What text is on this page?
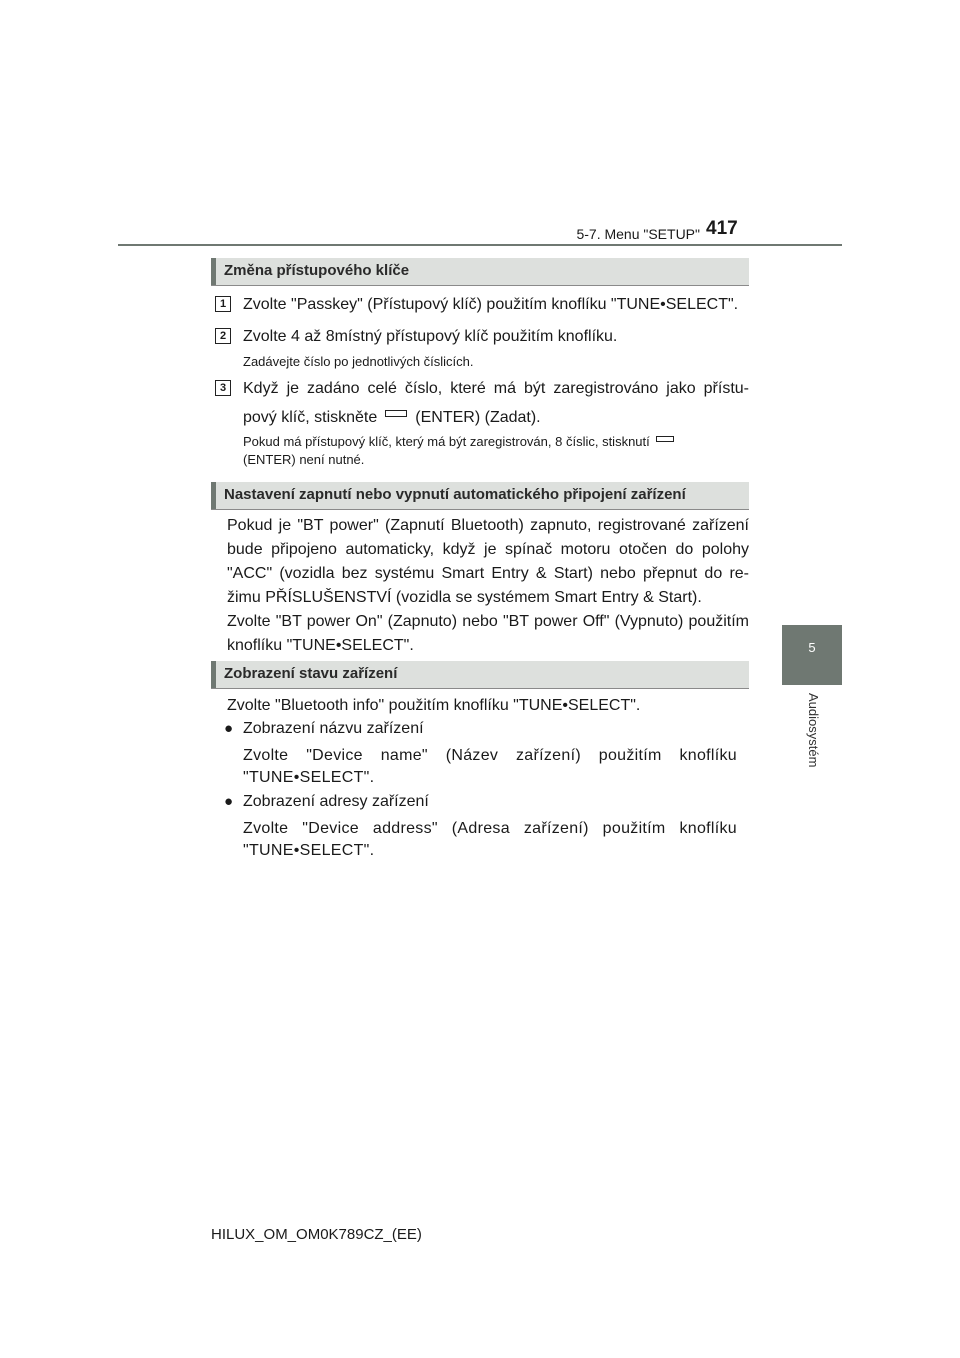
5-7. Menu "SETUP" 417
5
Audiosystém
Změna přístupového klíče
1	Zvolte "Passkey" (Přístupový klíč) použitím knoflíku "TUNE•SELECT".
2	Zvolte 4 až 8místný přístupový klíč použitím knoflíku.
Zadávejte číslo po jednotlivých číslicích.
3	Když je zadáno celé číslo, které má být zaregistrováno jako přístu-
pový klíč, stiskněte (ENTER) (Zadat).
Pokud má přístupový klíč, který má být zaregistrován, 8 číslic, stisknutí
(ENTER) není nutné.
Nastavení zapnutí nebo vypnutí automatického připojení zařízení
Pokud je "BT power" (Zapnutí Bluetooth) zapnuto, registrované zařízení
bude připojeno automaticky, když je spínač motoru otočen do polohy
"ACC" (vozidla bez systému Smart Entry & Start) nebo přepnut do re-
žimu PŘÍSLUŠENSTVÍ (vozidla se systémem Smart Entry & Start).
Zvolte "BT power On" (Zapnuto) nebo "BT power Off" (Vypnuto) použitím
knoflíku "TUNE•SELECT".
Zobrazení stavu zařízení
Zvolte "Bluetooth info" použitím knoflíku "TUNE•SELECT".
● Zobrazení názvu zařízení
Zvolte "Device name" (Název zařízení) použitím knoflíku
"TUNE•SELECT".
● Zobrazení adresy zařízení
Zvolte "Device address" (Adresa zařízení) použitím knoflíku
"TUNE•SELECT".
HILUX_OM_OM0K789CZ_(EE)
